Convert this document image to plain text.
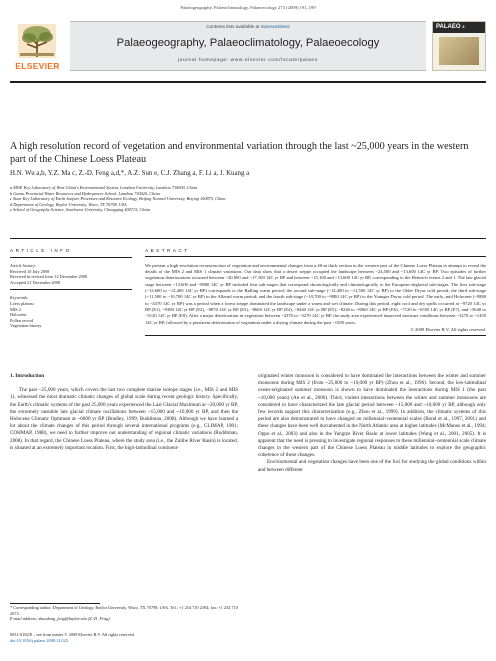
Palaeogeography, Palaeoclimatology, Palaeoecology 273 (2009) 191–199
ELSEVIER
Contents lists available at ScienceDirect
Palaeogeography, Palaeoclimatology, Palaeoecology
journal homepage: www.elsevier.com/locate/palaeo
PALAEO 3
A high resolution record of vegetation and environmental variation through the last ~25,000 years in the western part of the Chinese Loess Plateau
H.N. Wu a,b, Y.Z. Ma c, Z.-D. Feng a,d,*, A.Z. Sun e, C.J. Zhang a, F. Li a, J. Kuang a
a MOE Key Laboratory of West China's Environmental System, Lanzhou University, Lanzhou 730000, China
b Gansu Provincial Water Resources and Hydropower School, Lanzhou 730020, China
c State Key Laboratory of Earth Surface Processes and Resource Ecology, Beijing Normal University, Beijing 100875, China
d Department of Geology, Baylor University, Waco, TX 76798, USA
e School of Geography Science, Southwest University, Chongqing 400715, China
ARTICLE INFO
Article history:
Received 10 July 2008
Received in revised form 12 December 2008
Accepted 21 December 2008
Keywords:
Loess plateau
MIS 2
Holocene
Pollen record
Vegetation history
ABSTRACT
We present a high-resolution reconstruction of vegetation and environmental changes from a 40-m thick section in the western part of the Chinese Loess Plateau in attempt to reveal the details of the MIS 2 and MIS 1 climate variations. Our data show that a desert steppe occupied the landscape between ~24,500 and ~13,600 14C yr BP. Two episodes of further vegetation deteriorations occurred between ~20,000 and ~17,100 14C yr BP and between ~15,100 and ~13,600 14C yr BP, corresponding to the Heinrich events 2 and 1. The late glacial stage between ~13,600 and ~9880 14C yr BP included four sub-stages that correspond chronologically and climatologically to the European deglacial sub-stages. The first sub-stage (~13,600 to ~12,400 14C yr BP) corresponds to the Bølling warm period; the second sub-stage (~12,400 to ~11,500 14C yr BP) to the Older Dryas cold period; the third sub-stage (~11,500 to ~10,700 14C yr BP) to the Allerød warm period; and the fourth sub-stage (~10,700 to ~9880 14C yr BP) to the Younger Dryas cold period. The early–mid Holocene (~9880 to ~4370 14C yr BP) was a period when a forest steppe dominated the landscape under a warm and wet climate. During this period, eight cool and dry spells occurred at ~9720 14C yr BP (E1), ~9380 14C yr BP (E2), ~8870 14C yr BP (E3), ~8660 14C yr BP (E4), ~8440 14C yr BP (E5), ~8240 to ~8060 14C yr BP (E6), ~7120 to ~6550 14C yr BP (E7), and ~5640 to ~5120 14C yr BP (E8). After a major deterioration in vegetation between ~4370 to ~3270 14C yr BP, the study area experienced improved moisture conditions between ~3270 to ~1450 14C yr BP, followed by a persistent deterioration of vegetation under a drying climate during the past ~1500 years.
© 2009 Elsevier B.V. All rights reserved.
1. Introduction
The past ~25,000 years, which covers the last two complete marine isotope stages (i.e., MIS 2 and MIS 1), witnessed the most dramatic climatic changes of global scale during recent geologic history. Specifically, the Earth's climatic systems of the past 25,000 years experienced the Last Glacial Maximum at ~20,000 yr BP, the extremely unstable late glacial climate oscillations between ~15,000 and ~10,000 yr BP, and then the Holocene Climatic Optimum at ~6000 yr BP (Bradley, 1999; Ruddiman, 2008). Although we have learned a lot about the climate changes of this period through several international programs (e.g., CLIMAP, 1981; COHMAP, 1988), we need to further improve our understanding of regional climatic variations (Ruddiman, 2008). In that regard, the Chinese Loess Plateau, where the study area (i.e., the Zulihe River Basin) is located, is situated at an extremely important location. First, the high-latitudinal continent-
originated winter monsoon is considered to have dominated the interactions between the winter and summer monsoons during MIS 2 (from ~25,000 to ~10,000 yr BP) (Zhou et al., 1996). Second, the low-latitudinal ocean-originated summer monsoon is shown to have dominated the interactions during MIS 1 (the past ~10,000 years) (An et al., 2000). Third, violent interactions between the winter and summer monsoons are considered to have characterized the late glacial period between ~15,000 and ~10,000 yr BP, although only few records support this characterization (e.g., Zhou et al., 1999). In addition, the climatic systems of this period are also demonstrated to have changed on millennial–centennial scales (Bond et al., 1997, 2001) and these changes have been well documented in the North Atlantic area at higher latitudes (McManus et al., 1994; Oppo et al., 2003) and also in the Yangtze River Basin at lower latitudes (Wang et al., 2001, 2005). It is apparent that the need is pressing to investigate regional responses to these millennial–centennial scale climate changes in the western part of the Chinese Loess Plateau in middle latitudes to explore the geographic coherence of these changes.
Environmental and vegetation changes have been one of the foci for studying the global conditions within and between different
* Corresponding author. Department of Geology, Baylor University, Waco, TX 76798, USA. Tel.: +1 254 710 2394; fax: +1 254 710 2673.
E-mail address: zhaodong_feng@baylor.edu (Z.-D. Feng).
0031-0182/$ – see front matter © 2009 Elsevier B.V. All rights reserved.
doi:10.1016/j.palaeo.2008.12.023
